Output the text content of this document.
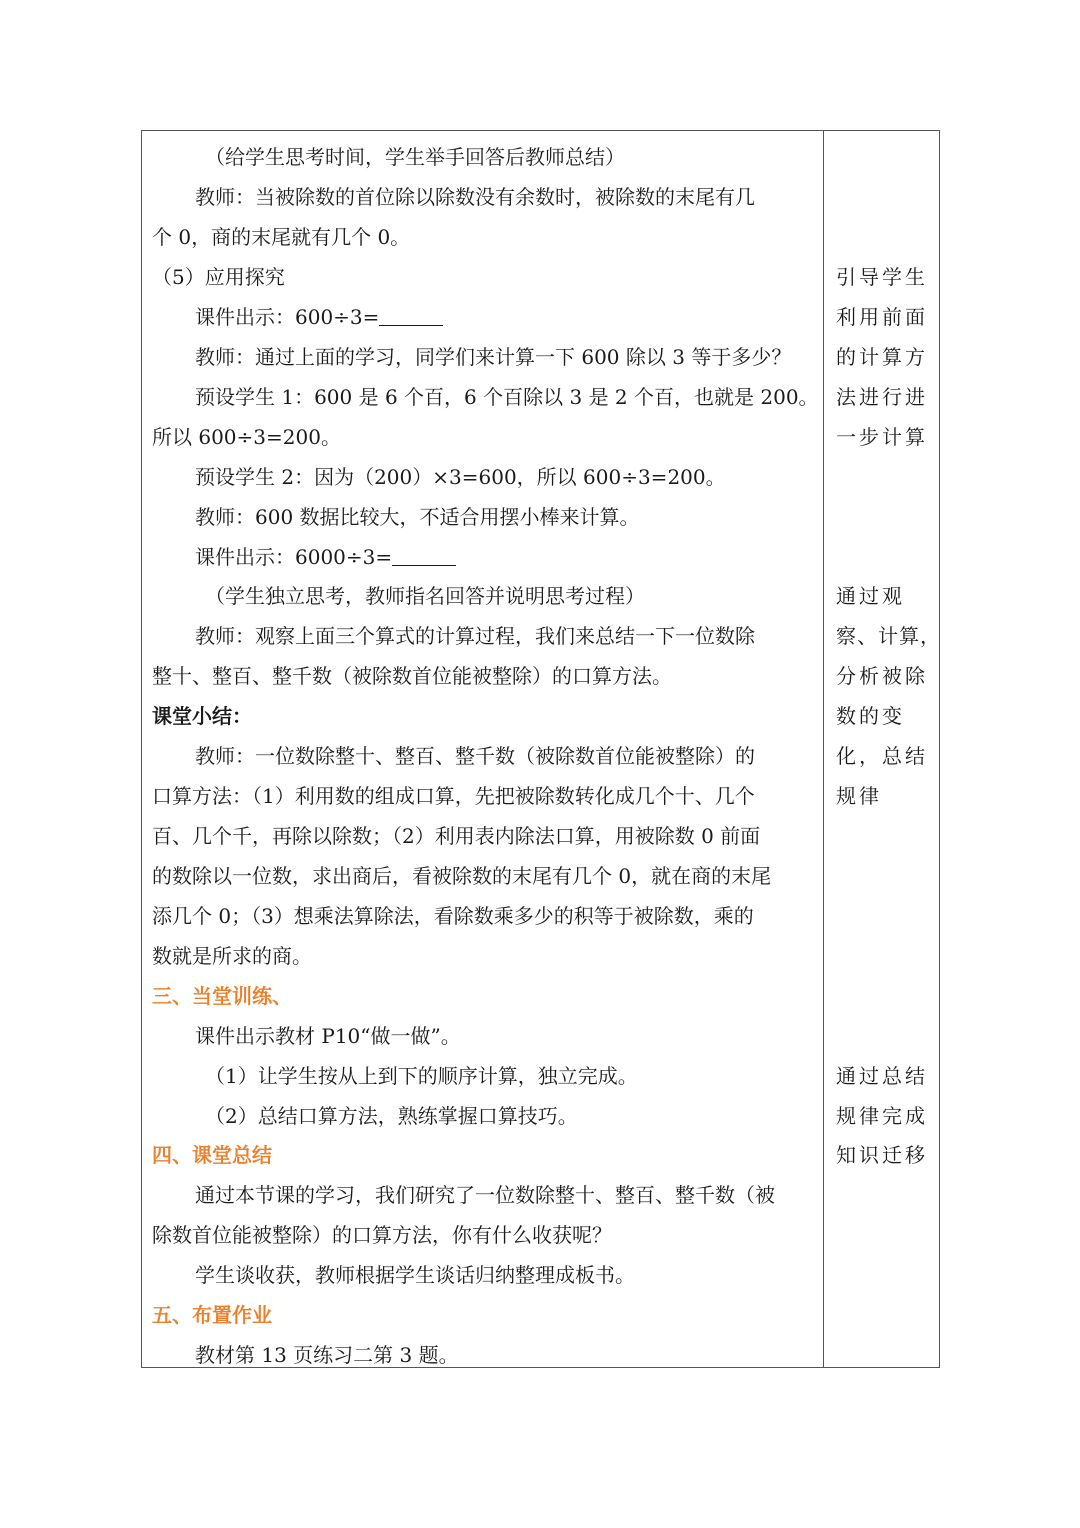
（给学生思考时间，学生举手回答后教师总结）
教师：当被除数的首位除以除数没有余数时，被除数的末尾有几
个 0，商的末尾就有几个 0。
（5）应用探究
课件出示：600÷3=
教师：通过上面的学习，同学们来计算一下 600 除以 3 等于多少？
预设学生 1：600 是 6 个百，6 个百除以 3 是 2 个百，也就是 200。
所以 600÷3=200。
预设学生 2：因为（200）×3=600，所以 600÷3=200。
教师：600 数据比较大，不适合用摆小棒来计算。
课件出示：6000÷3=
（学生独立思考，教师指名回答并说明思考过程）
教师：观察上面三个算式的计算过程，我们来总结一下一位数除
整十、整百、整千数（被除数首位能被整除）的口算方法。
课堂小结：
教师：一位数除整十、整百、整千数（被除数首位能被整除）的
口算方法：（1）利用数的组成口算，先把被除数转化成几个十、几个
百、几个千，再除以除数；（2）利用表内除法口算，用被除数 0 前面
的数除以一位数，求出商后，看被除数的末尾有几个 0，就在商的末尾
添几个 0；（3）想乘法算除法，看除数乘多少的积等于被除数，乘的
数就是所求的商。
三、当堂训练、
课件出示教材 P10“做一做”。
（1）让学生按从上到下的顺序计算，独立完成。
（2）总结口算方法，熟练掌握口算技巧。
四、课堂总结
通过本节课的学习，我们研究了一位数除整十、整百、整千数（被
除数首位能被整除）的口算方法，你有什么收获呢？
学生谈收获，教师根据学生谈话归纳整理成板书。
五、布置作业
教材第 13 页练习二第 3 题。
引导学生
利用前面
的计算方
法进行进
一步计算
通过观
察、计算，
分析被除
数的变
化，总结
规律
通过总结
规律完成
知识迁移
